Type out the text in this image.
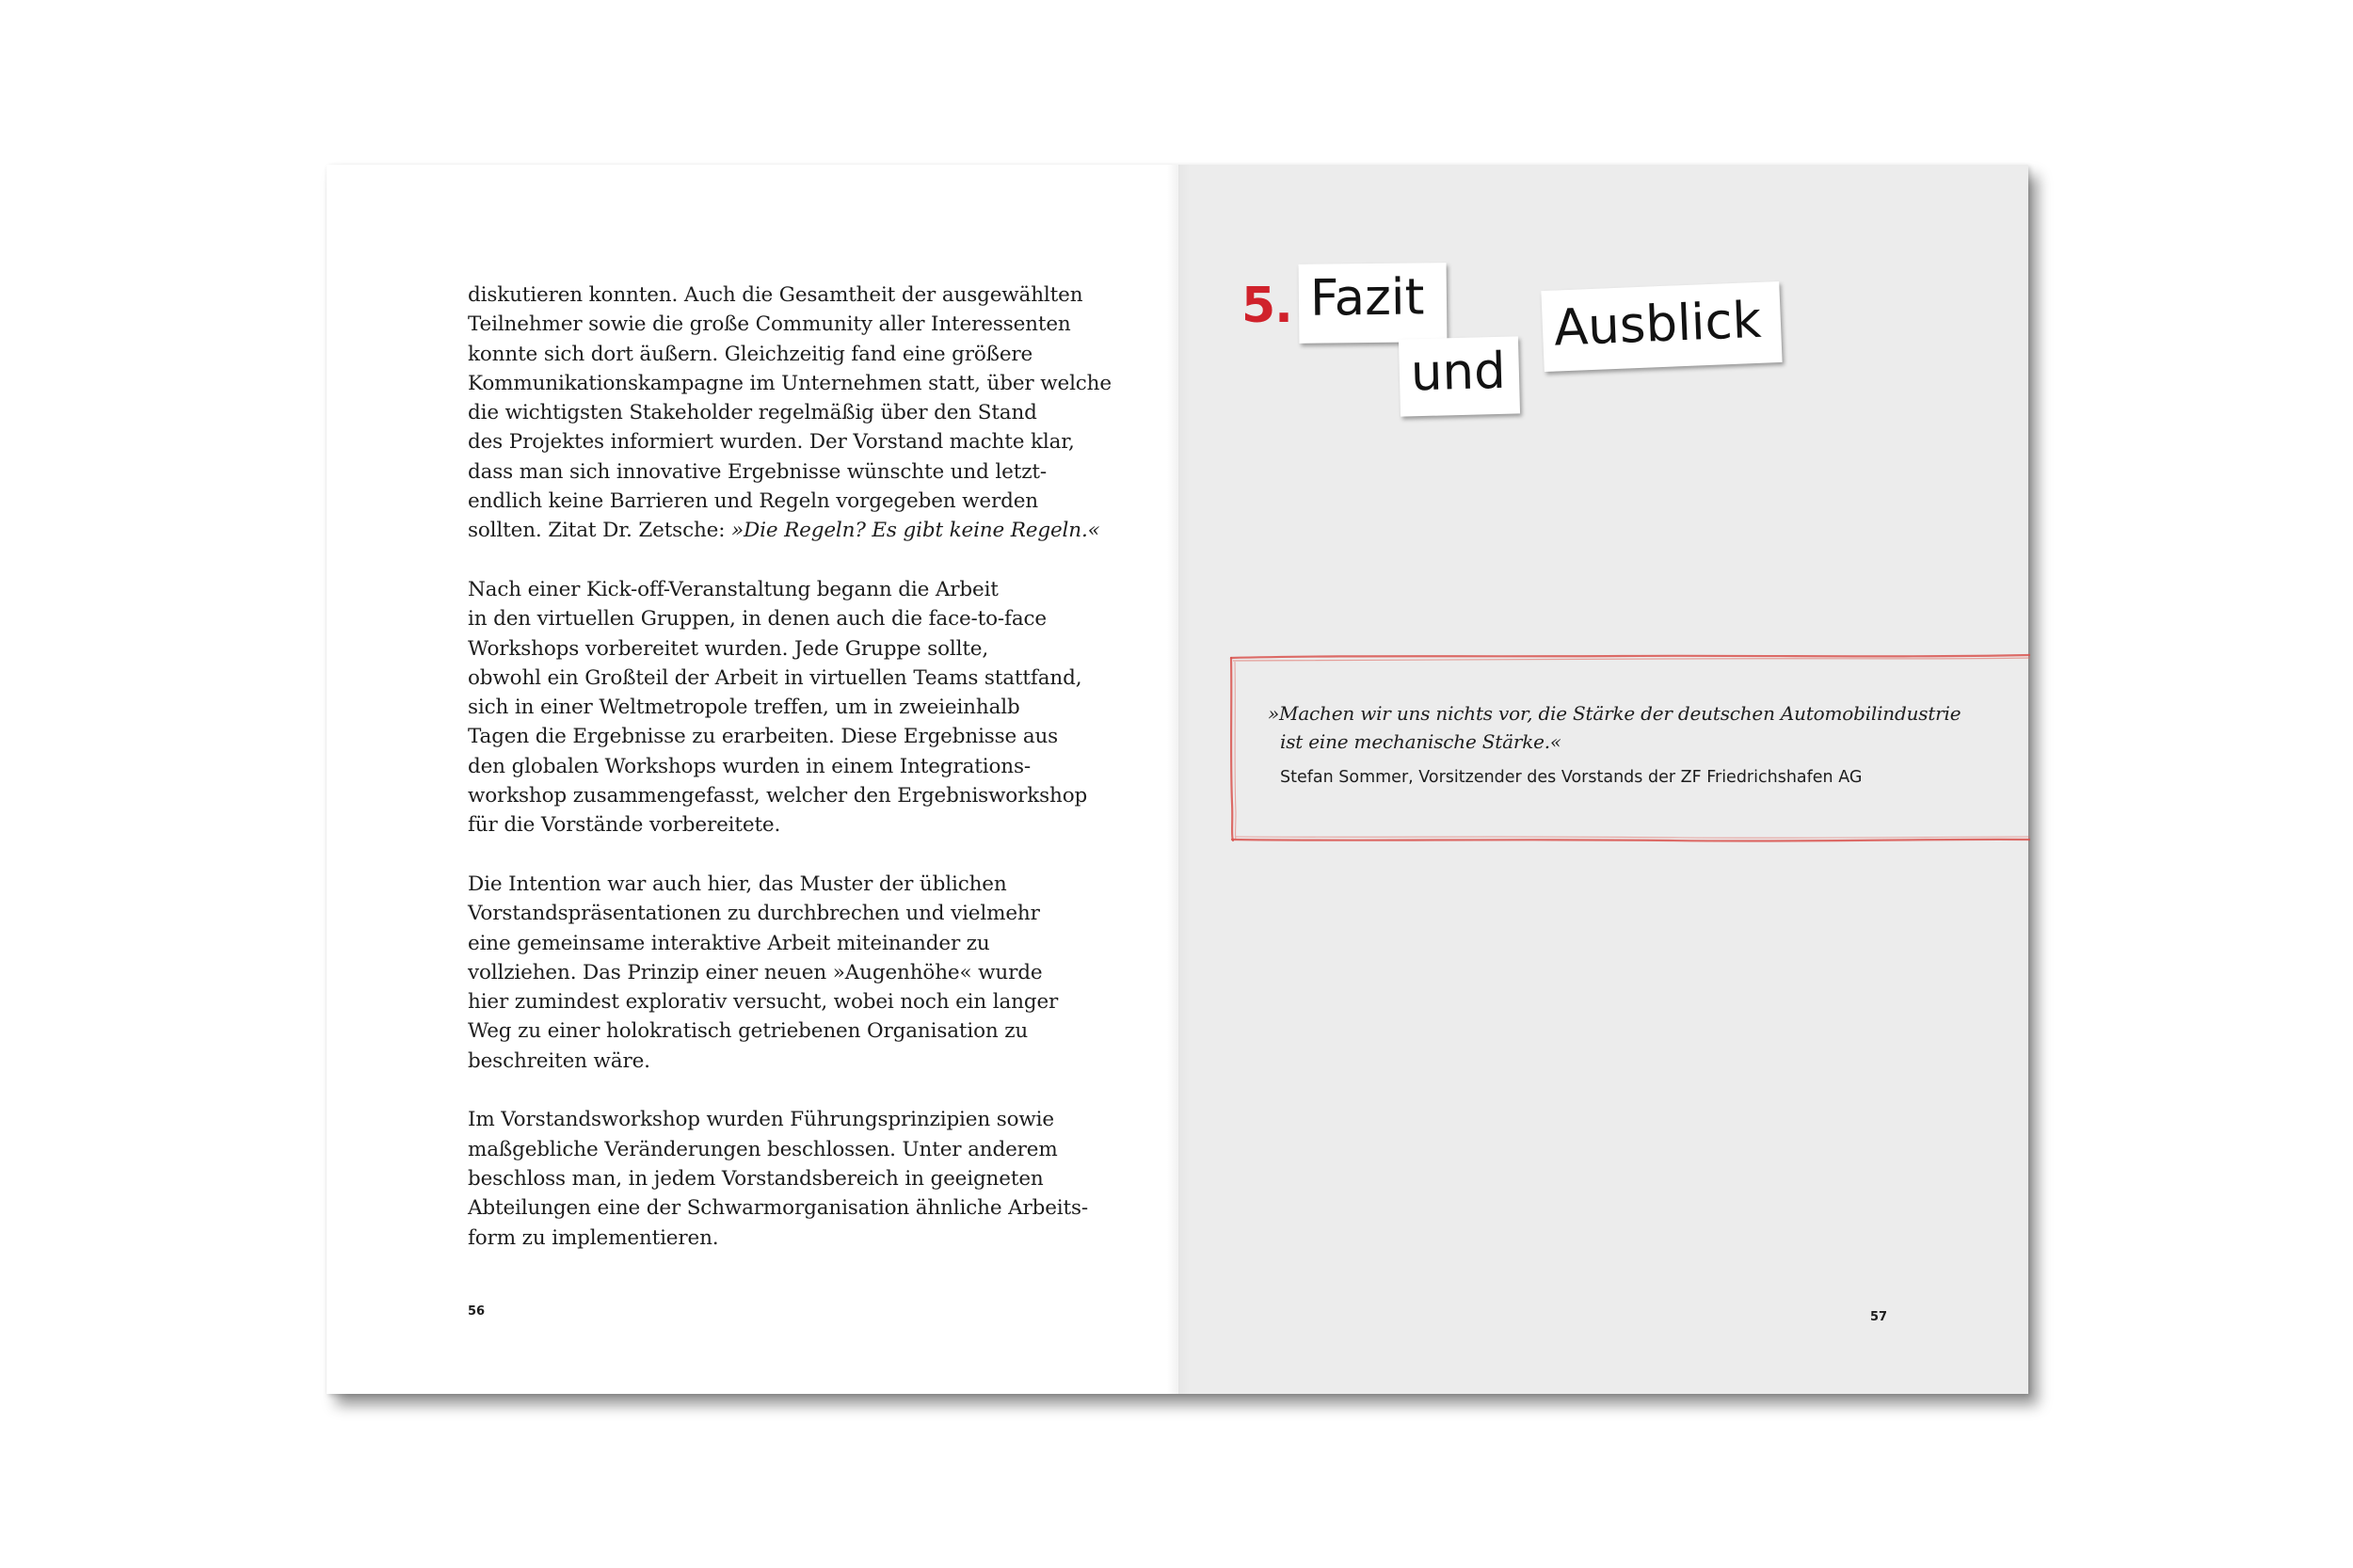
diskutieren konnten. Auch die Gesamtheit der ausgewählten
Teilnehmer sowie die große Community aller Interessenten
konnte sich dort äußern. Gleichzeitig fand eine größere
Kommunikationskampagne im Unternehmen statt, über welche
die wichtigsten Stakeholder regelmäßig über den Stand
des Projektes informiert wurden. Der Vorstand machte klar,
dass man sich innovative Ergebnisse wünschte und letzt-
endlich keine Barrieren und Regeln vorgegeben werden
sollten. Zitat Dr. Zetsche: »Die Regeln? Es gibt keine Regeln.«

Nach einer Kick-off-Veranstaltung begann die Arbeit
in den virtuellen Gruppen, in denen auch die face-to-face
Workshops vorbereitet wurden. Jede Gruppe sollte,
obwohl ein Großteil der Arbeit in virtuellen Teams stattfand,
sich in einer Weltmetropole treffen, um in zweieinhalb
Tagen die Ergebnisse zu erarbeiten. Diese Ergebnisse aus
den globalen Workshops wurden in einem Integrations-
workshop zusammengefasst, welcher den Ergebnisworkshop
für die Vorstände vorbereitete.

Die Intention war auch hier, das Muster der üblichen
Vorstandspräsentationen zu durchbrechen und vielmehr
eine gemeinsame interaktive Arbeit miteinander zu
vollziehen. Das Prinzip einer neuen »Augenhöhe« wurde
hier zumindest explorativ versucht, wobei noch ein langer
Weg zu einer holokratisch getriebenen Organisation zu
beschreiten wäre.

Im Vorstandsworkshop wurden Führungsprinzipien sowie
maßgebliche Veränderungen beschlossen. Unter anderem
beschloss man, in jedem Vorstandsbereich in geeigneten
Abteilungen eine der Schwarmorganisation ähnliche Arbeits-
form zu implementieren.

56	57
5. Fazit
und
Ausblick
»Machen wir uns nichts vor, die Stärke der deutschen Automobilindustrie
ist eine mechanische Stärke.«
Stefan Sommer, Vorsitzender des Vorstands der ZF Friedrichshafen AG
